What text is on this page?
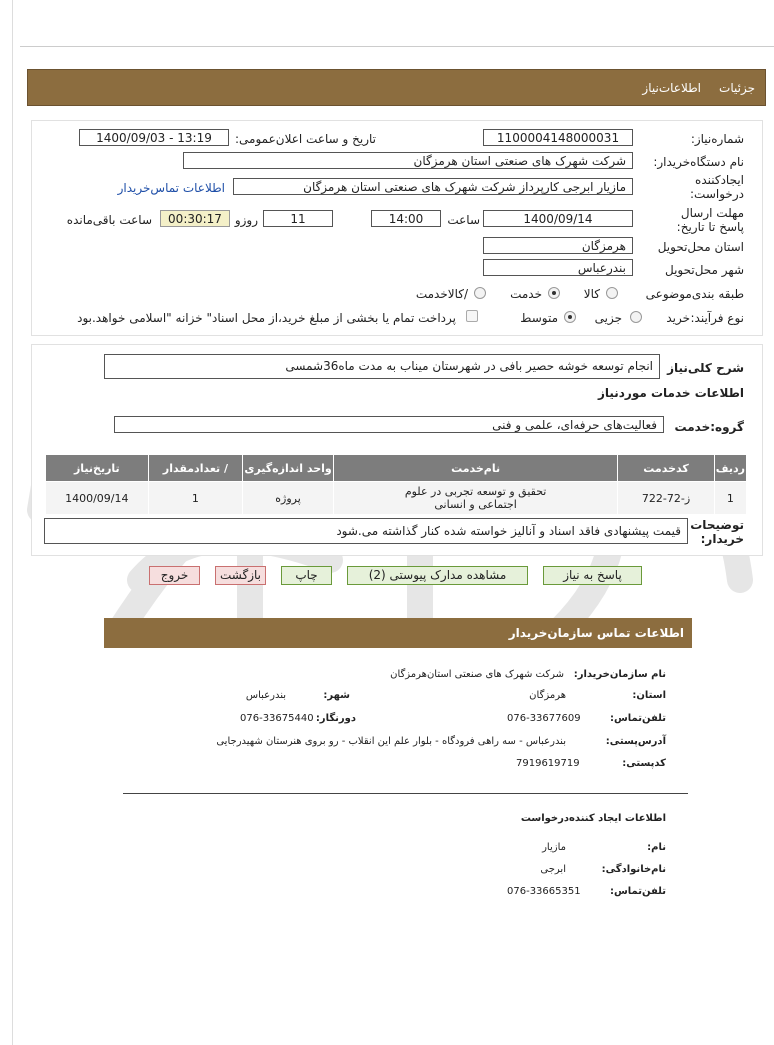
جزئیات
اطلاعات‌نیاز
شماره‌نیاز:
1100004148000031
تاریخ و ساعت اعلان‌عمومی:
1400/09/03 - 13:19
نام دستگاه‌خریدار:
شرکت شهرک های صنعتی استان هرمزگان
ایجادکننده درخواست:
مازیار ابرجی کارپرداز شرکت شهرک های صنعتی استان هرمزگان
اطلاعات تماس‌خریدار
مهلت ارسال پاسخ تا تاریخ:
1400/09/14
ساعت
14:00
11
روزو
00:30:17
ساعت باقی‌مانده
استان محل‌تحویل
هرمزگان
شهر محل‌تحویل
بندرعباس
طبقه بندی‌موضوعی
کالا
خدمت
/کالاخدمت
نوع فرآیند:
خرید
جزیی
متوسط
پرداخت تمام یا بخشی از مبلغ خرید،از محل اسناد" خزانه "اسلامی خواهد.بود
شرح کلی‌نیاز
انجام توسعه خوشه حصیر بافی در شهرستان میناب به مدت ماه36شمسی
اطلاعات خدمات موردنیاز
گروه:خدمت
فعالیت‌های حرفه‌ای، علمی و فنی
ردیف	کدخدمت	نام‌خدمت	واحد اندازه‌گیری	/ تعدادمقدار	تاریخ‌نیاز
1	ز-72-722	تحقیق و توسعه تجربی در علوم
اجتماعی و انسانی	پروژه	1	1400/09/14
توضیحات خریدار:
قیمت پیشنهادی فاقد اسناد و آنالیز خواسته شده کنار گذاشته می.شود
پاسخ به نیاز
مشاهده مدارک پیوستی (2)
چاپ
بازگشت
خروج
اطلاعات تماس سازمان‌خریدار
نام سازمان‌خریدار:
شرکت شهرک های صنعتی استان‌هرمزگان
استان:
هرمزگان
شهر:
بندرعباس
تلفن‌تماس:
076-33677609
دورنگار:
076-33675440
آدرس‌پستی:
بندرعباس - سه راهی فرودگاه - بلوار علم این انقلاب - رو بروی هنرستان شهیدرجایی
کدپستی:
7919619719
اطلاعات ایجاد کننده‌درخواست
نام:
مازیار
نام‌خانوادگی:
ابرجی
تلفن‌تماس:
076-33665351
